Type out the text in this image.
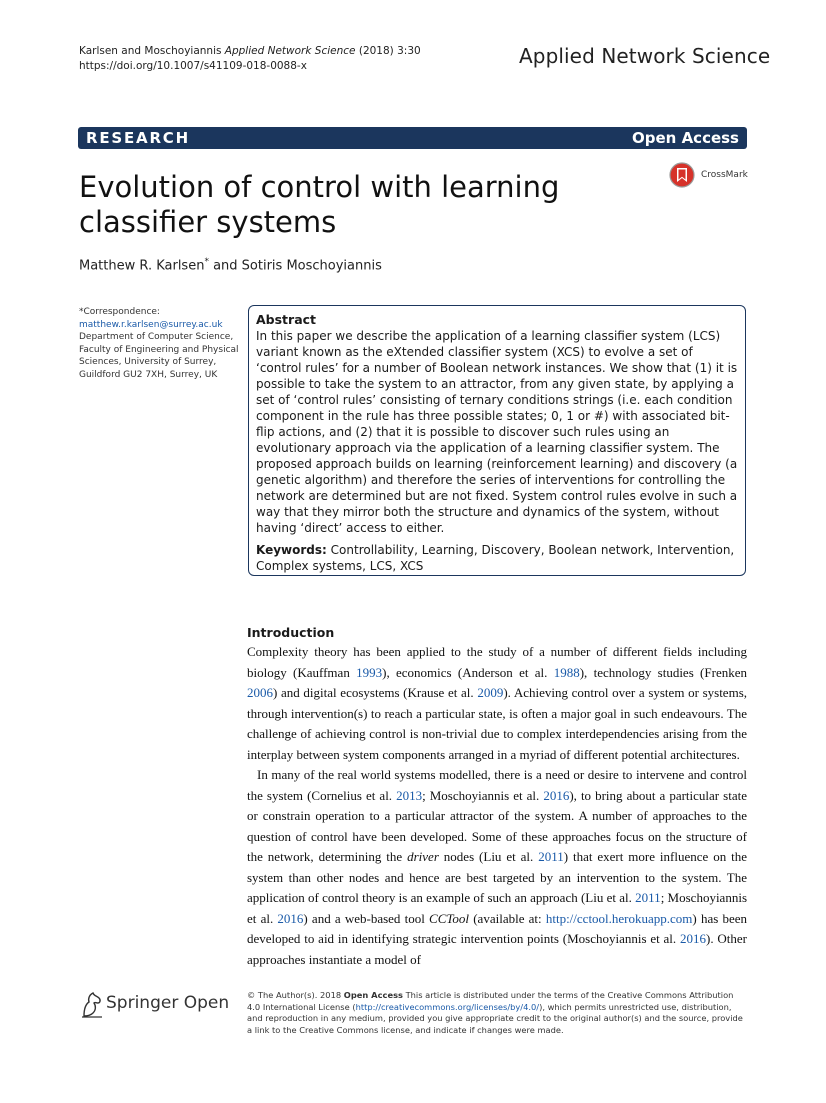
Karlsen and Moschoyiannis Applied Network Science (2018) 3:30
https://doi.org/10.1007/s41109-018-0088-x	Applied Network Science
RESEARCH	Open Access
Evolution of control with learning classifier systems
CrossMark
Matthew R. Karlsen* and Sotiris Moschoyiannis
*Correspondence:
matthew.r.karlsen@surrey.ac.uk
Department of Computer Science, Faculty of Engineering and Physical Sciences, University of Surrey, Guildford GU2 7XH, Surrey, UK
Abstract
In this paper we describe the application of a learning classifier system (LCS) variant known as the eXtended classifier system (XCS) to evolve a set of ‘control rules’ for a number of Boolean network instances. We show that (1) it is possible to take the system to an attractor, from any given state, by applying a set of ‘control rules’ consisting of ternary conditions strings (i.e. each condition component in the rule has three possible states; 0, 1 or #) with associated bit-flip actions, and (2) that it is possible to discover such rules using an evolutionary approach via the application of a learning classifier system. The proposed approach builds on learning (reinforcement learning) and discovery (a genetic algorithm) and therefore the series of interventions for controlling the network are determined but are not fixed. System control rules evolve in such a way that they mirror both the structure and dynamics of the system, without having ‘direct’ access to either.
Keywords: Controllability, Learning, Discovery, Boolean network, Intervention, Complex systems, LCS, XCS
Introduction
Complexity theory has been applied to the study of a number of different fields including biology (Kauffman 1993), economics (Anderson et al. 1988), technology studies (Frenken 2006) and digital ecosystems (Krause et al. 2009). Achieving control over a system or systems, through intervention(s) to reach a particular state, is often a major goal in such endeavours. The challenge of achieving control is non-trivial due to complex interdependencies arising from the interplay between system components arranged in a myriad of different potential architectures.
In many of the real world systems modelled, there is a need or desire to intervene and control the system (Cornelius et al. 2013; Moschoyiannis et al. 2016), to bring about a particular state or constrain operation to a particular attractor of the system. A number of approaches to the question of control have been developed. Some of these approaches focus on the structure of the network, determining the driver nodes (Liu et al. 2011) that exert more influence on the system than other nodes and hence are best targeted by an intervention to the system. The application of control theory is an example of such an approach (Liu et al. 2011; Moschoyiannis et al. 2016) and a web-based tool CCTool (available at: http://cctool.herokuapp.com) has been developed to aid in identifying strategic intervention points (Moschoyiannis et al. 2016). Other approaches instantiate a model of
Springer Open © The Author(s). 2018 Open Access This article is distributed under the terms of the Creative Commons Attribution 4.0 International License (http://creativecommons.org/licenses/by/4.0/), which permits unrestricted use, distribution, and reproduction in any medium, provided you give appropriate credit to the original author(s) and the source, provide a link to the Creative Commons license, and indicate if changes were made.
